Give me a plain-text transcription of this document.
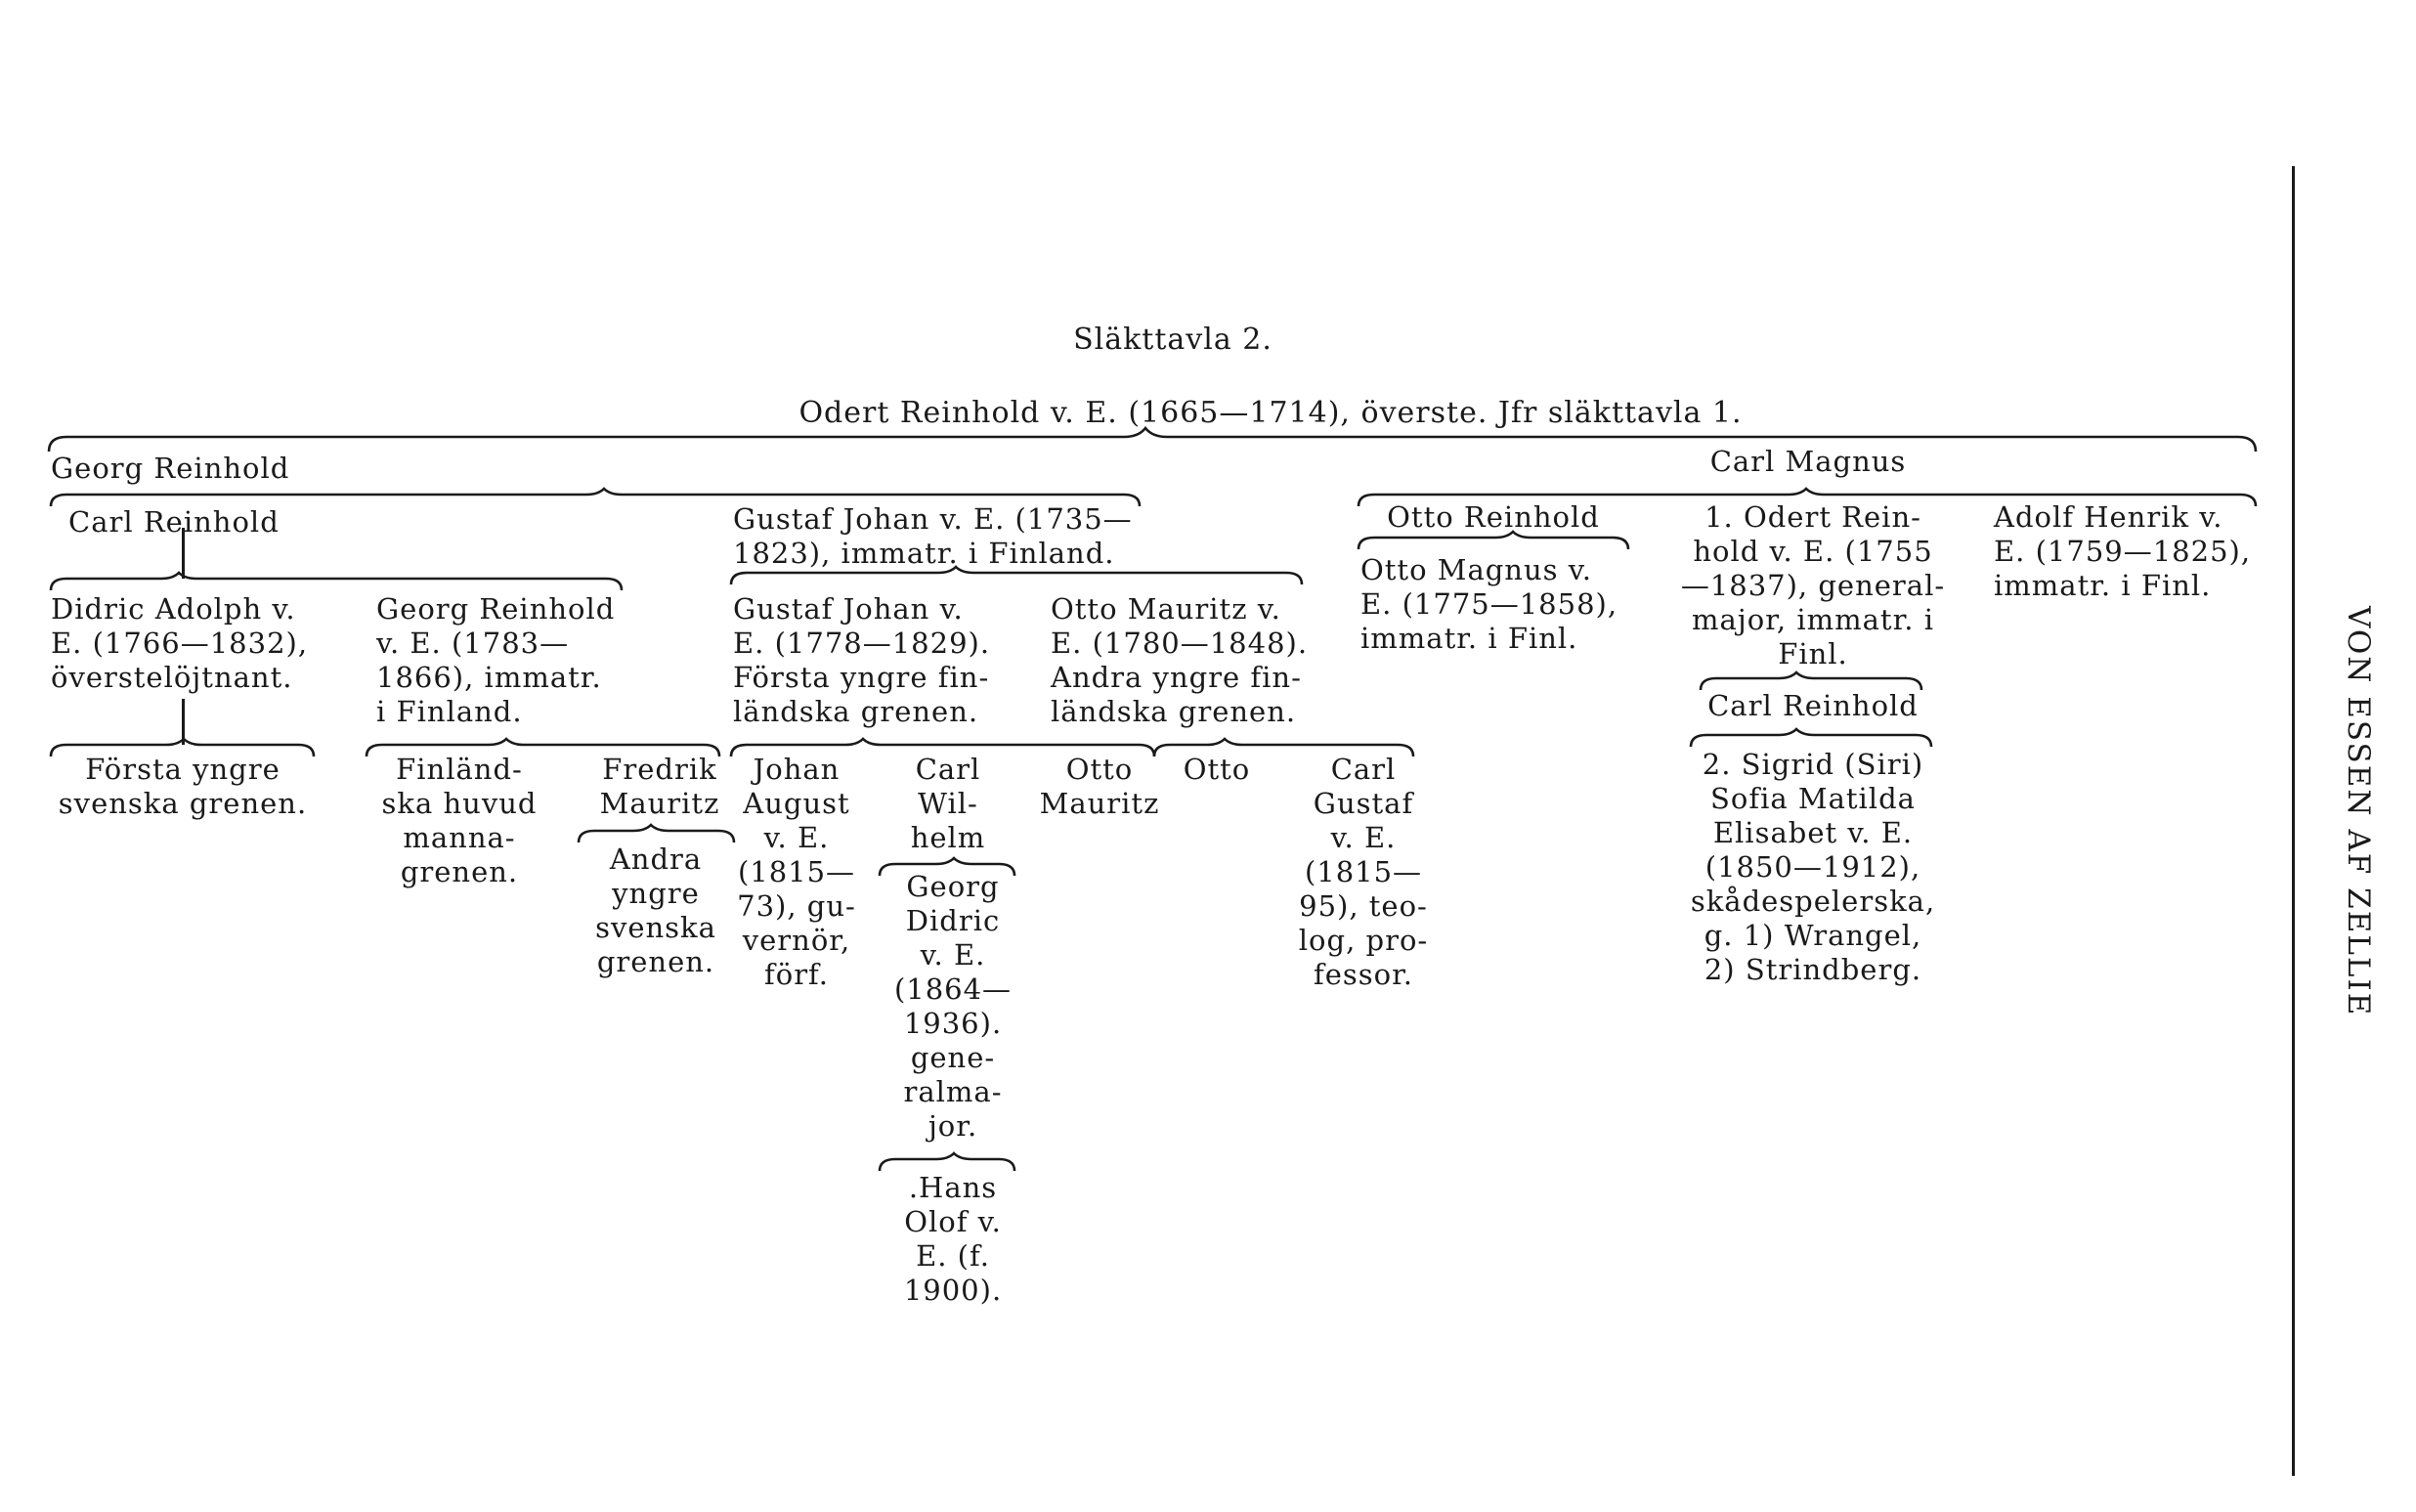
Släkttavla 2.
Odert Reinhold v. E. (1665—1714), överste. Jfr släkttavla 1.
Georg Reinhold
Carl Reinhold
Didric Adolph v.
E. (1766—1832),
överstelöjtnant.
Första yngre
svenska grenen.
Georg Reinhold
v. E. (1783—
1866), immatr.
i Finland.
Finländ-
ska huvud
manna-
grenen.
Fredrik
Mauritz
Andra
yngre
svenska
grenen.
Gustaf Johan v. E. (1735—
1823), immatr. i Finland.
Gustaf Johan v.
E. (1778—1829).
Första yngre fin-
ländska grenen.
Otto Mauritz v.
E. (1780—1848).
Andra yngre fin-
ländska grenen.
Johan
August
v. E.
(1815—
73), gu-
vernör,
förf.
Carl
Wil-
helm
Georg
Didric
v. E.
(1864—
1936).
gene-
ralma-
jor.
.Hans
Olof v.
E. (f.
1900).
Otto
Mauritz
Otto	Carl
Gustaf
v. E.
(1815—
95), teo-
log, pro-
fessor.
Carl Magnus
Otto Reinhold
Otto Magnus v.
E. (1775—1858),
immatr. i Finl.
1. Odert Rein-
hold v. E. (1755
—1837), general-
major, immatr. i
Finl.
Carl Reinhold
2. Sigrid (Siri)
Sofia Matilda
Elisabet v. E.
(1850—1912),
skådespelerska,
g. 1) Wrangel,
2) Strindberg.
Adolf Henrik v.
E. (1759—1825),
immatr. i Finl.
VON ESSEN AF ZELLIE
